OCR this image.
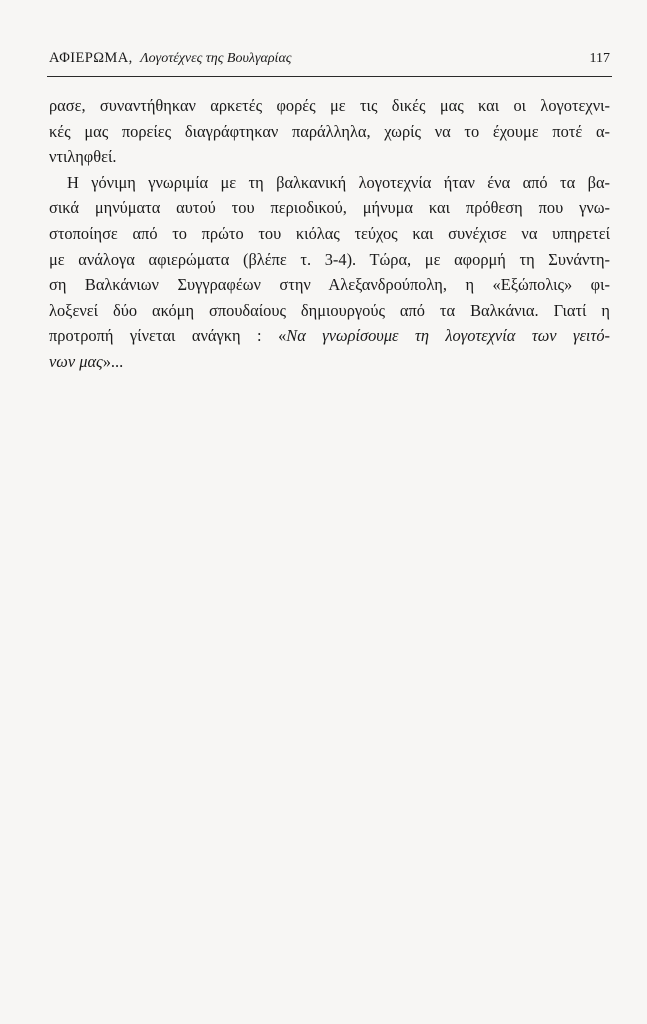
ΑΦΙΕΡΩΜΑ, Λογοτέχνες της Βουλγαρίας	117
ρασε, συναντήθηκαν αρκετές φορές με τις δικές μας και οι λογοτεχνι-
κές μας πορείες διαγράφτηκαν παράλληλα, χωρίς να το έχουμε ποτέ α-
ντιληφθεί.
Η γόνιμη γνωριμία με τη βαλκανική λογοτεχνία ήταν ένα από τα βα-
σικά μηνύματα αυτού του περιοδικού, μήνυμα και πρόθεση που γνω-
στοποίησε από το πρώτο του κιόλας τεύχος και συνέχισε να υπηρετεί
με ανάλογα αφιερώματα (βλέπε τ. 3-4). Τώρα, με αφορμή τη Συνάντη-
ση Βαλκάνιων Συγγραφέων στην Αλεξανδρούπολη, η «Εξώπολις» φι-
λοξενεί δύο ακόμη σπουδαίους δημιουργούς από τα Βαλκάνια. Γιατί η
προτροπή γίνεται ανάγκη : «Να γνωρίσουμε τη λογοτεχνία των γειτό-
νων μας»...
